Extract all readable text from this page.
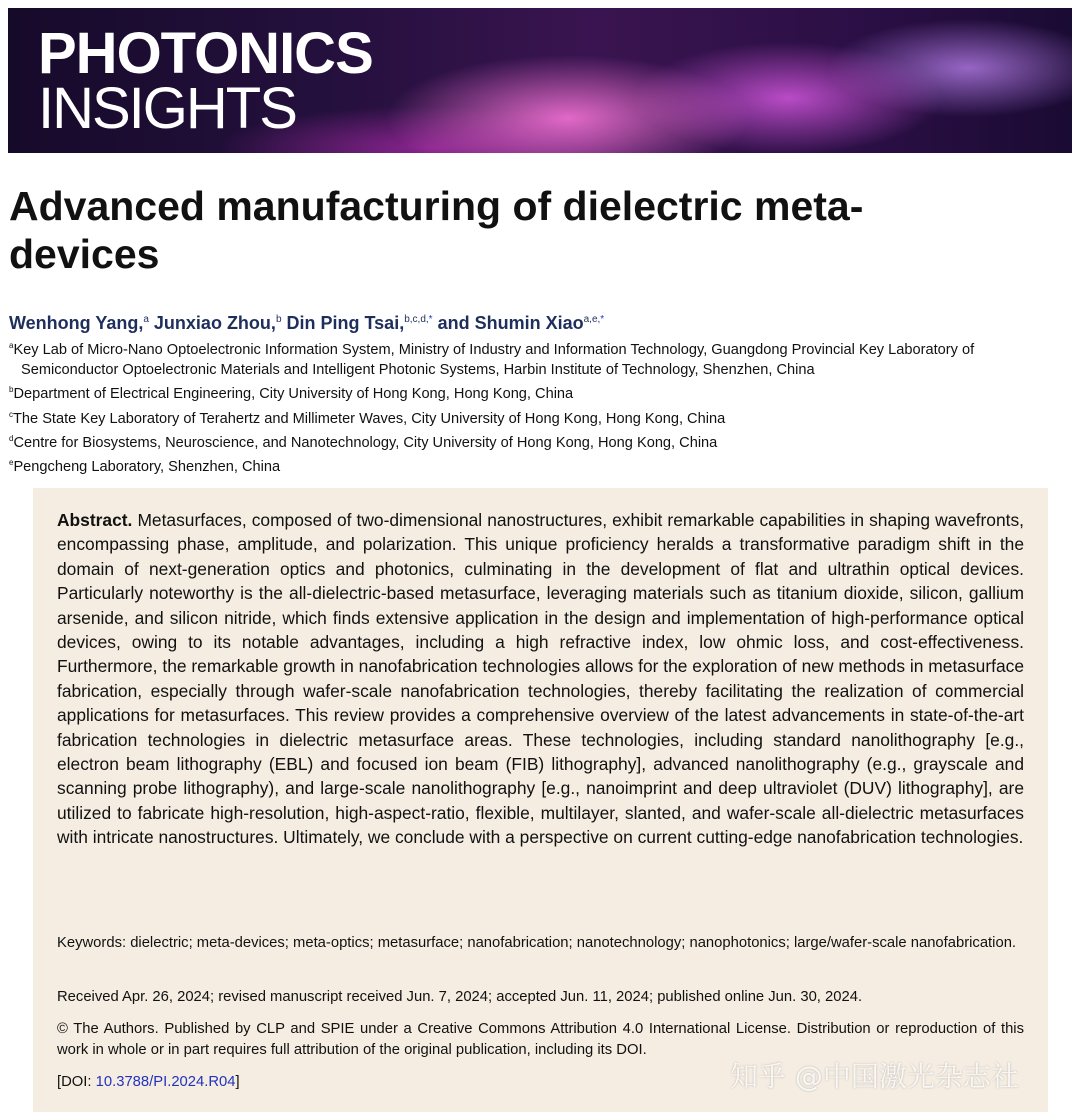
PHOTONICS
INSIGHTS
Advanced manufacturing of dielectric meta-devices
Wenhong Yang,$^a$ Junxiao Zhou,$^b$ Din Ping Tsai,$^{b,c,d,*}$ and Shumin Xiao$^{a,e,*}$
$^a$Key Lab of Micro-Nano Optoelectronic Information System, Ministry of Industry and Information Technology, Guangdong Provincial Key Laboratory of
Semiconductor Optoelectronic Materials and Intelligent Photonic Systems, Harbin Institute of Technology, Shenzhen, China
$^b$Department of Electrical Engineering, City University of Hong Kong, Hong Kong, China
$^c$The State Key Laboratory of Terahertz and Millimeter Waves, City University of Hong Kong, Hong Kong, China
$^d$Centre for Biosystems, Neuroscience, and Nanotechnology, City University of Hong Kong, Hong Kong, China
$^e$Pengcheng Laboratory, Shenzhen, China

Abstract. Metasurfaces, composed of two-dimensional nanostructures, exhibit remarkable capabilities in shaping wavefronts, encompassing phase, amplitude, and polarization. This unique proficiency heralds a transformative paradigm shift in the domain of next-generation optics and photonics, culminating in the development of flat and ultrathin optical devices. Particularly noteworthy is the all-dielectric-based metasurface, leveraging materials such as titanium dioxide, silicon, gallium arsenide, and silicon nitride, which finds extensive application in the design and implementation of high-performance optical devices, owing to its notable advantages, including a high refractive index, low ohmic loss, and cost-effectiveness. Furthermore, the remarkable growth in nanofabrication technologies allows for the exploration of new methods in metasurface fabrication, especially through wafer-scale nanofabrication technologies, thereby facilitating the realization of commercial applications for metasurfaces. This review provides a comprehensive overview of the latest advancements in state-of-the-art fabrication technologies in dielectric metasurface areas. These technologies, including standard nanolithography [e.g., electron beam lithography (EBL) and focused ion beam (FIB) lithography], advanced nanolithography (e.g., grayscale and scanning probe lithography), and large-scale nanolithography [e.g., nanoimprint and deep ultraviolet (DUV) lithography], are utilized to fabricate high-resolution, high-aspect-ratio, flexible, multilayer, slanted, and wafer-scale all-dielectric metasurfaces with intricate nanostructures. Ultimately, we conclude with a perspective on current cutting-edge nanofabrication technologies.

Keywords: dielectric; meta-devices; meta-optics; metasurface; nanofabrication; nanotechnology; nanophotonics; large/wafer-scale nanofabrication.

Received Apr. 26, 2024; revised manuscript received Jun. 7, 2024; accepted Jun. 11, 2024; published online Jun. 30, 2024.

© The Authors. Published by CLP and SPIE under a Creative Commons Attribution 4.0 International License. Distribution or reproduction of this work in whole or in part requires full attribution of the original publication, including its DOI.

[DOI: 10.3788/PI.2024.R04]	知乎 @中国激光杂志社
